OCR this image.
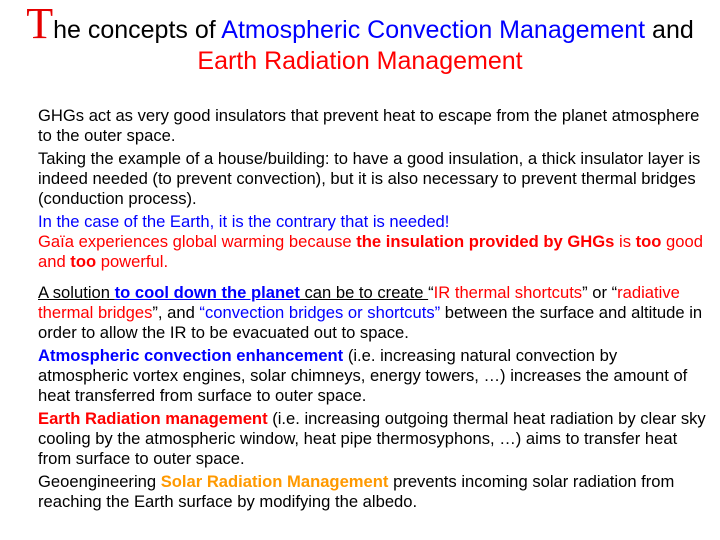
The concepts of Atmospheric Convection Management and Earth Radiation Management

GHGs act as very good insulators that prevent heat to escape from the planet atmosphere to the outer space.

Taking the example of a house/building: to have a good insulation, a thick insulator layer is indeed needed (to prevent convection), but it is also necessary to prevent thermal bridges (conduction process).

In the case of the Earth, it is the contrary that is needed!

Gaïa experiences global warming because the insulation provided by GHGs is too good and too powerful.

A solution to cool down the planet can be to create “IR thermal shortcuts” or “radiative thermal bridges”, and “convection bridges or shortcuts” between the surface and altitude in order to allow the IR to be evacuated out to space.

Atmospheric convection enhancement (i.e. increasing natural convection by atmospheric vortex engines, solar chimneys, energy towers, …) increases the amount of heat transferred from surface to outer space.

Earth Radiation management (i.e. increasing outgoing thermal heat radiation by clear sky cooling by the atmospheric window, heat pipe thermosyphons, …) aims to transfer heat from surface to outer space.

Geoengineering Solar Radiation Management prevents incoming solar radiation from reaching the Earth surface by modifying the albedo.
